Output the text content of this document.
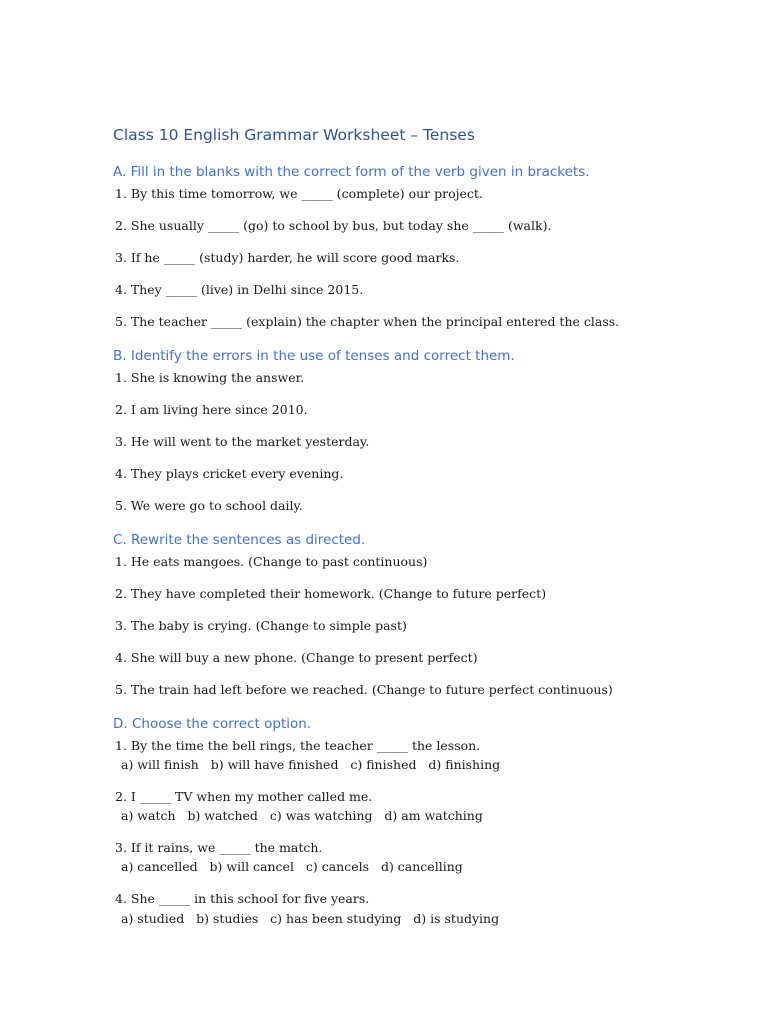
Class 10 English Grammar Worksheet – Tenses
A. Fill in the blanks with the correct form of the verb given in brackets.

1. By this time tomorrow, we _____ (complete) our project.

2. She usually _____ (go) to school by bus, but today she _____ (walk).

3. If he _____ (study) harder, he will score good marks.

4. They _____ (live) in Delhi since 2015.

5. The teacher _____ (explain) the chapter when the principal entered the class.

B. Identify the errors in the use of tenses and correct them.

1. She is knowing the answer.

2. I am living here since 2010.

3. He will went to the market yesterday.

4. They plays cricket every evening.

5. We were go to school daily.

C. Rewrite the sentences as directed.

1. He eats mangoes. (Change to past continuous)

2. They have completed their homework. (Change to future perfect)

3. The baby is crying. (Change to simple past)

4. She will buy a new phone. (Change to present perfect)

5. The train had left before we reached. (Change to future perfect continuous)

D. Choose the correct option.

1. By the time the bell rings, the teacher _____ the lesson.

a) will finish   b) will have finished   c) finished   d) finishing

2. I _____ TV when my mother called me.

a) watch   b) watched   c) was watching   d) am watching

3. If it rains, we _____ the match.

a) cancelled   b) will cancel   c) cancels   d) cancelling

4. She _____ in this school for five years.

a) studied   b) studies   c) has been studying   d) is studying
